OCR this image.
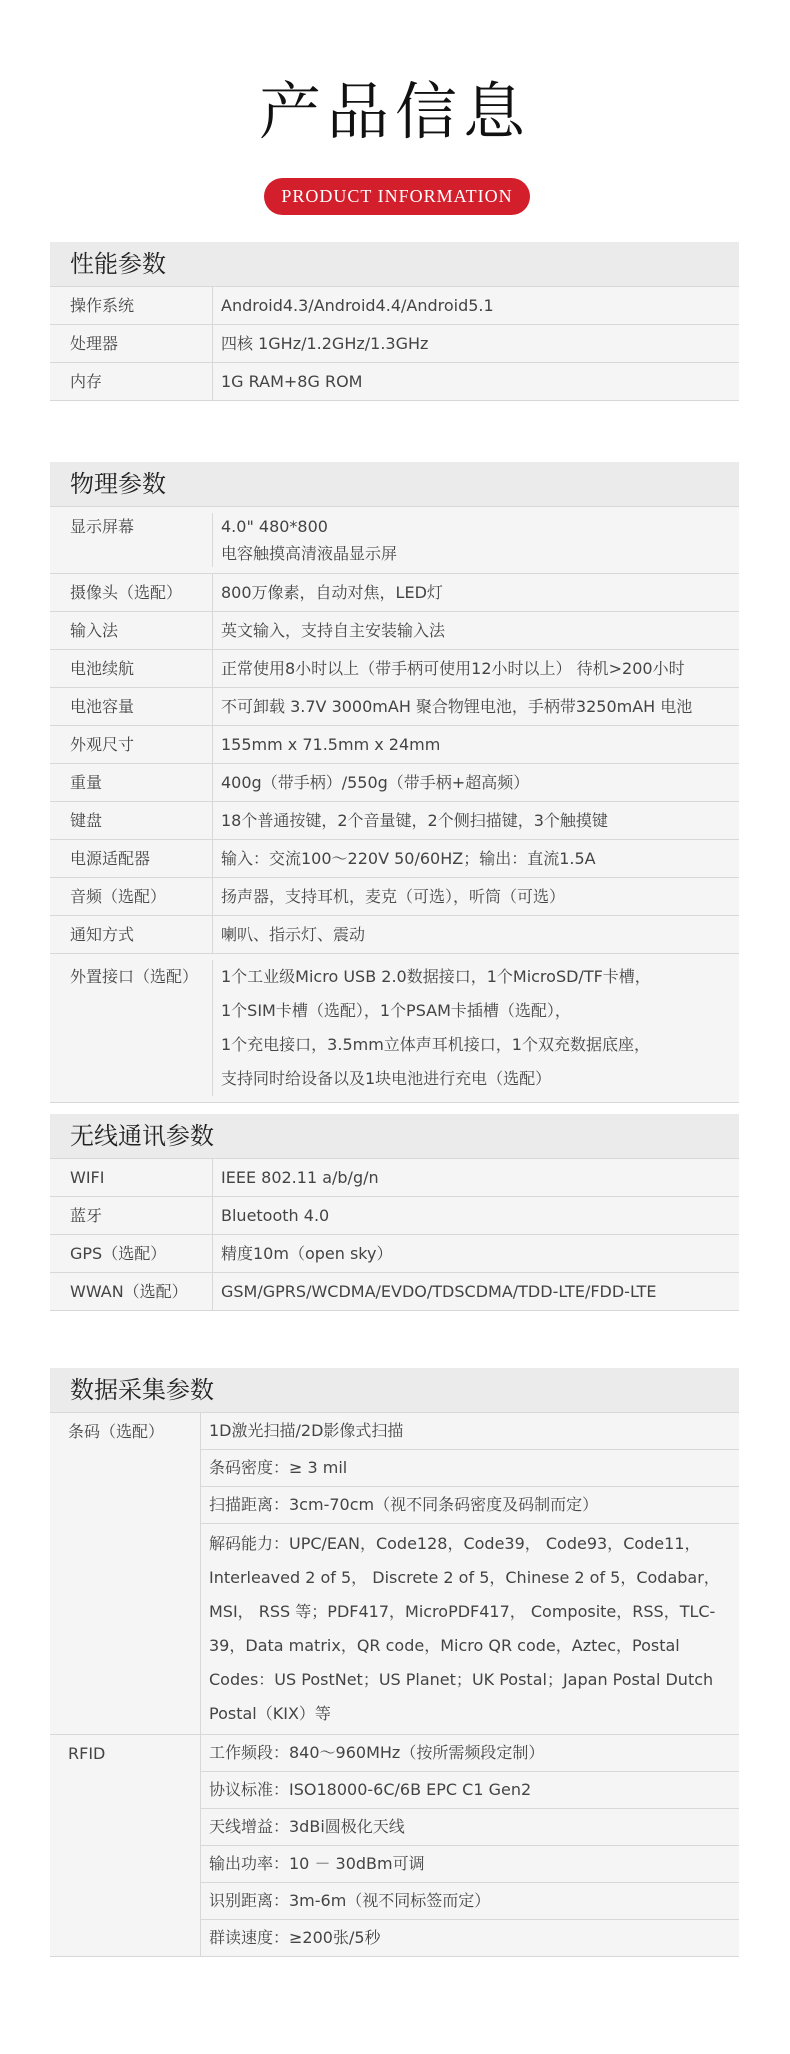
产品信息
PRODUCT INFORMATION
性能参数
操作系统	Android4.3/Android4.4/Android5.1
处理器	四核 1GHz/1.2GHz/1.3GHz
内存	1G RAM+8G ROM
物理参数
显示屏幕	4.0" 480*800
电容触摸高清液晶显示屏
摄像头（选配）	800万像素，自动对焦，LED灯
输入法	英文输入，支持自主安装输入法
电池续航	正常使用8小时以上（带手柄可使用12小时以上） 待机>200小时
电池容量	不可卸载 3.7V 3000mAH 聚合物锂电池，手柄带3250mAH 电池
外观尺寸	155mm x 71.5mm x 24mm
重量	400g（带手柄）/550g（带手柄+超高频）
键盘	18个普通按键，2个音量键，2个侧扫描键，3个触摸键
电源适配器	输入：交流100～220V 50/60HZ；输出：直流1.5A
音频（选配）	扬声器，支持耳机，麦克（可选），听筒（可选）
通知方式	喇叭、指示灯、震动
外置接口（选配）	1个工业级Micro USB 2.0数据接口，1个MicroSD/TF卡槽，
1个SIM卡槽（选配），1个PSAM卡插槽（选配），
1个充电接口，3.5mm立体声耳机接口，1个双充数据底座，
支持同时给设备以及1块电池进行充电（选配）
无线通讯参数
WIFI	IEEE 802.11 a/b/g/n
蓝牙	Bluetooth 4.0
GPS（选配）	精度10m（open sky）
WWAN（选配）	GSM/GPRS/WCDMA/EVDO/TDSCDMA/TDD-LTE/FDD-LTE
数据采集参数
条码（选配）	1D激光扫描/2D影像式扫描
条码密度：≥ 3 mil
扫描距离：3cm-70cm（视不同条码密度及码制而定）
解码能力：UPC/EAN，Code128，Code39， Code93，Code11，Interleaved 2 of 5， Discrete 2 of 5，Chinese 2 of 5，Codabar，MSI， RSS 等；PDF417，MicroPDF417， Composite，RSS，TLC-39，Data matrix，QR code，Micro QR code，Aztec，Postal Codes：US PostNet；US Planet；UK Postal；Japan Postal Dutch Postal（KIX）等
RFID	工作频段：840～960MHz（按所需频段定制）
协议标准：ISO18000-6C/6B EPC C1 Gen2
天线增益：3dBi圆极化天线
输出功率：10 － 30dBm可调
识别距离：3m-6m（视不同标签而定）
群读速度：≥200张/5秒
